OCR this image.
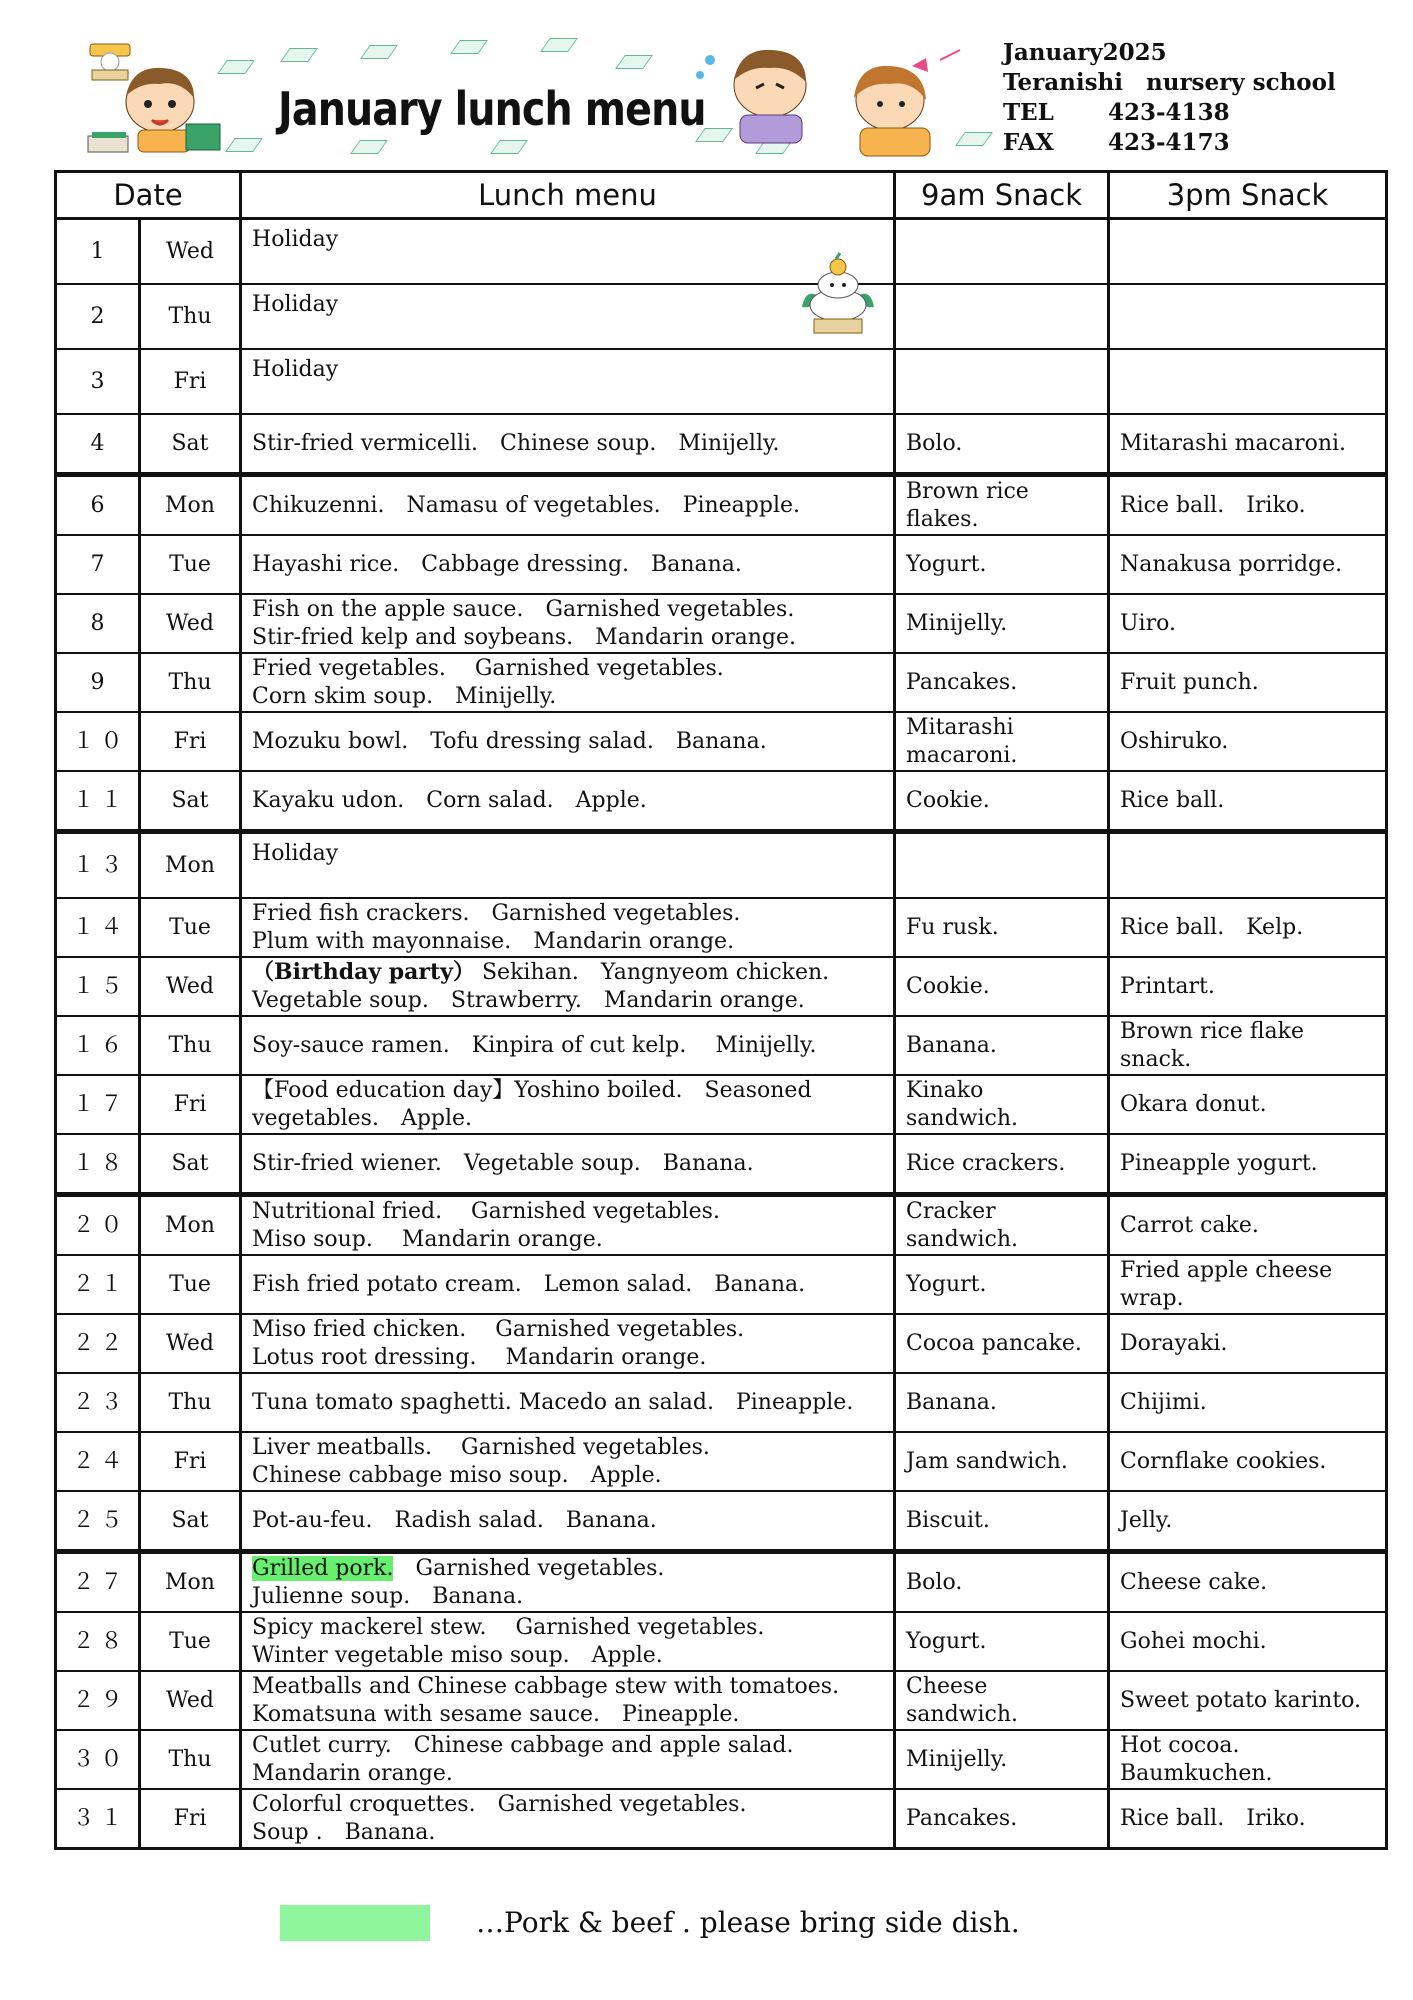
January lunch menu
January2025
Teranishi　nursery school
TEL	423-4138
FAX	423-4173
Date		Lunch menu	9am Snack	3pm Snack
1	Wed	Holiday		

2	Thu	Holiday		

3	Fri	Holiday		

4	Sat	Stir-fried vermicelli.　Chinese soup.　Minijelly.	Bolo.	Mitarashi macaroni.
6	Mon	Chikuzenni.　Namasu of vegetables.　Pineapple.	Brown rice flakes.	Rice ball.　Iriko.
7	Tue	Hayashi rice.　Cabbage dressing.　Banana.	Yogurt.	Nanakusa porridge.
8	Wed	Fish on the apple sauce.　Garnished vegetables.
Stir-fried kelp and soybeans.　Mandarin orange.	Minijelly.	Uiro.
9	Thu	Fried vegetables.　 Garnished vegetables.
Corn skim soup.　Minijelly.	Pancakes.	Fruit punch.
１０	Fri	Mozuku bowl.　Tofu dressing salad.　Banana.	Mitarashi macaroni.	Oshiruko.
１１	Sat	Kayaku udon.　Corn salad.　Apple.	Cookie.	Rice ball.
１３	Mon	Holiday		

１４	Tue	Fried fish crackers.　Garnished vegetables.
Plum with mayonnaise.　Mandarin orange.	Fu rusk.	Rice ball.　Kelp.
１５	Wed	（Birthday party） Sekihan.　Yangnyeom chicken.
Vegetable soup.　Strawberry.　Mandarin orange.	Cookie.	Printart.
１６	Thu	Soy-sauce ramen.　Kinpira of cut kelp.　 Minijelly.	Banana.	Brown rice flake snack.
１７	Fri	【Food education day】Yoshino boiled.　Seasoned vegetables.　Apple.	Kinako sandwich.	Okara donut.
１８	Sat	Stir-fried wiener.　Vegetable soup.　Banana.	Rice crackers.	Pineapple yogurt.
２０	Mon	Nutritional fried.　 Garnished vegetables.
Miso soup.　 Mandarin orange.	Cracker sandwich.	Carrot cake.
２１	Tue	Fish fried potato cream.　Lemon salad.　Banana.	Yogurt.	Fried apple cheese wrap.
２２	Wed	Miso fried chicken.　 Garnished vegetables.
Lotus root dressing.　 Mandarin orange.	Cocoa pancake.	Dorayaki.
２３	Thu	Tuna tomato spaghetti. Macedo an salad.　Pineapple.	Banana.	Chijimi.
２４	Fri	Liver meatballs.　 Garnished vegetables.
Chinese cabbage miso soup.　Apple.	Jam sandwich.	Cornflake cookies.
２５	Sat	Pot-au-feu.　Radish salad.　Banana.	Biscuit.	Jelly.
２７	Mon	Grilled pork.　 Garnished vegetables.
Julienne soup.　Banana.	Bolo.	Cheese cake.
２８	Tue	Spicy mackerel stew.　 Garnished vegetables.
Winter vegetable miso soup.　Apple.	Yogurt.	Gohei mochi.
２９	Wed	Meatballs and Chinese cabbage stew with tomatoes.
Komatsuna with sesame sauce.　Pineapple.	Cheese sandwich.	Sweet potato karinto.
３０	Thu	Cutlet curry.　Chinese cabbage and apple salad.
Mandarin orange.	Minijelly.	Hot cocoa. Baumkuchen.
３１	Fri	Colorful croquettes.　Garnished vegetables.
Soup .　Banana.	Pancakes.	Rice ball.　Iriko.
…Pork & beef . please bring side dish.
